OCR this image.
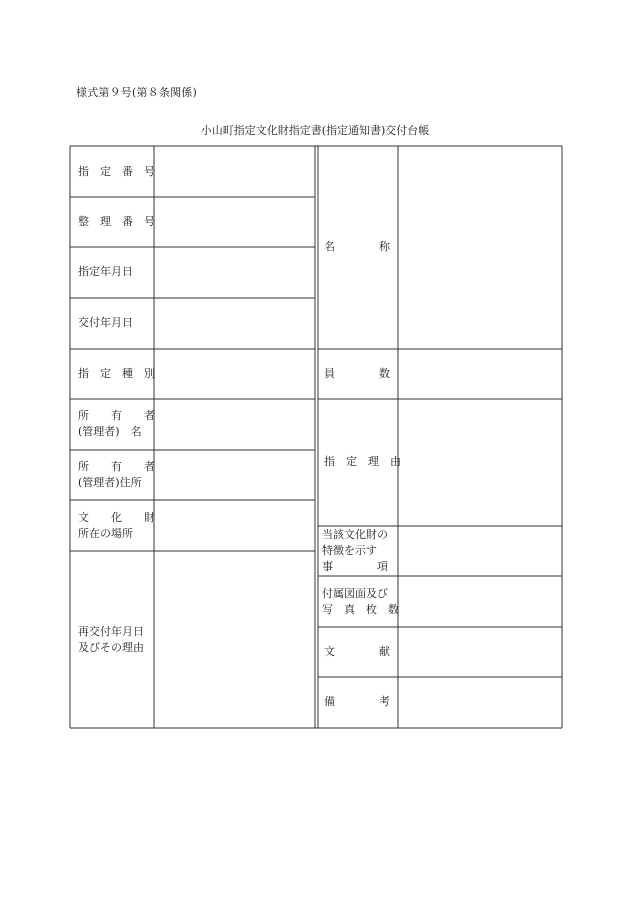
様式第９号(第８条関係)
小山町指定文化財指定書(指定通知書)交付台帳
指　定　番　号
整　理　番　号
指定年月日
交付年月日
指　定　種　別
所　　有　　者
(管理者)　名
所　　有　　者
(管理者)住所
文　　化　　財
所在の場所
再交付年月日
及びその理由
名　　　　称
員　　　　数
指　定　理　由
当該文化財の
特徴を示す
事　　　　項
付属図面及び
写　真　枚　数
文　　　　献
備　　　　考
